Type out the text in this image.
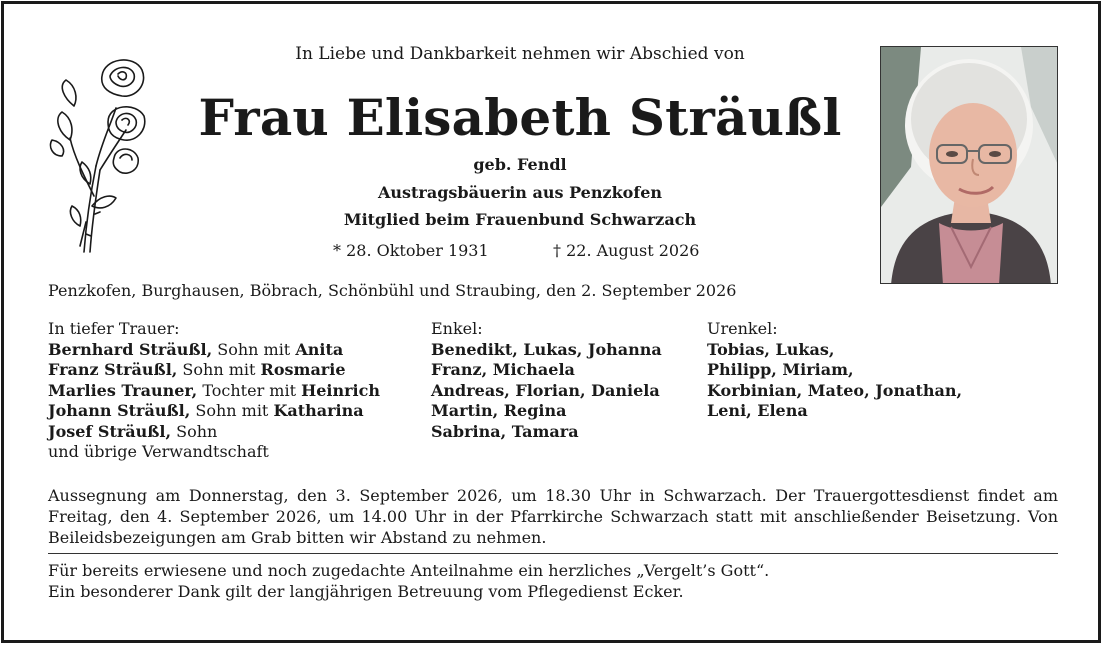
In Liebe und Dankbarkeit nehmen wir Abschied von
Frau Elisabeth Sträußl
geb. Fendl
Austragsbäuerin aus Penzkofen
Mitglied beim Frauenbund Schwarzach
* 28. Oktober 1931	† 22. August 2026
Penzkofen, Burghausen, Böbrach, Schönbühl und Straubing, den 2. September 2026
In tiefer Trauer:
Bernhard Sträußl, Sohn mit Anita
Franz Sträußl, Sohn mit Rosmarie
Marlies Trauner, Tochter mit Heinrich
Johann Sträußl, Sohn mit Katharina
Josef Sträußl, Sohn
und übrige Verwandtschaft
Enkel:
Benedikt, Lukas, Johanna
Franz, Michaela
Andreas, Florian, Daniela
Martin, Regina
Sabrina, Tamara
Urenkel:
Tobias, Lukas,
Philipp, Miriam,
Korbinian, Mateo, Jonathan,
Leni, Elena
Aussegnung am Donnerstag, den 3. September 2026, um 18.30 Uhr in Schwarzach. Der Trauergottesdienst findet am Freitag, den 4. September 2026, um 14.00 Uhr in der Pfarrkirche Schwarzach statt mit anschließender Beisetzung. Von Beileidsbezeigungen am Grab bitten wir Abstand zu nehmen.
Für bereits erwiesene und noch zugedachte Anteilnahme ein herzliches „Vergelt’s Gott“.
Ein besonderer Dank gilt der langjährigen Betreuung vom Pflegedienst Ecker.
